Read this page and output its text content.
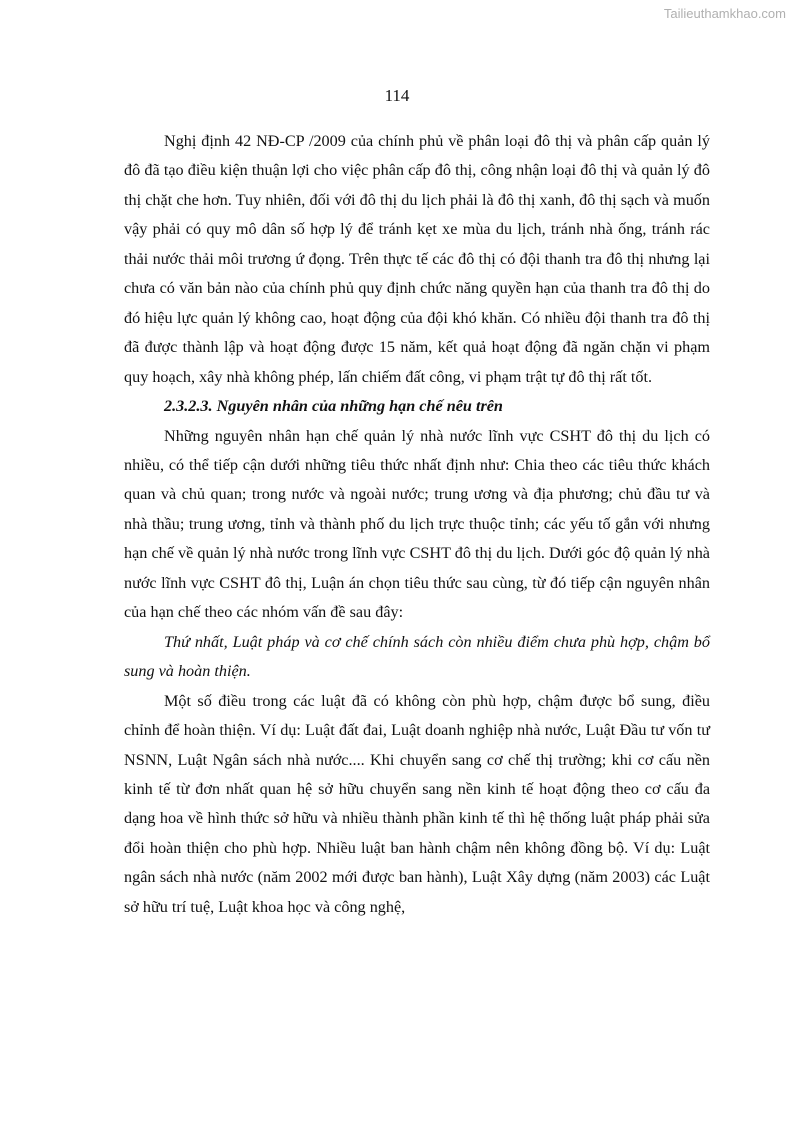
Tailieuthamkhao.com
114

Nghị định 42 NĐ-CP /2009 của chính phủ về phân loại đô thị và phân cấp quản lý đô đã tạo điều kiện thuận lợi cho việc phân cấp đô thị, công nhận loại đô thị và quản lý đô thị chặt che hơn. Tuy nhiên, đối với đô thị du lịch phải là đô thị xanh, đô thị sạch và muốn vậy phải có quy mô dân số hợp lý để tránh kẹt xe mùa du lịch, tránh nhà ống, tránh rác thải nước thải môi trương ứ đọng. Trên thực tế các đô thị có đội thanh tra đô thị nhưng lại chưa có văn bản nào của chính phủ quy định chức năng quyền hạn của thanh tra đô thị do đó hiệu lực quản lý không cao, hoạt động của đội khó khăn. Có nhiều đội thanh tra đô thị đã được thành lập và hoạt động được 15 năm, kết quả hoạt động đã ngăn chặn vi phạm quy hoạch, xây nhà không phép, lấn chiếm đất công, vi phạm trật tự đô thị rất tốt.

2.3.2.3. Nguyên nhân của những hạn chế nêu trên

Những nguyên nhân hạn chế quản lý nhà nước lĩnh vực CSHT đô thị du lịch có nhiều, có thể tiếp cận dưới những tiêu thức nhất định như: Chia theo các tiêu thức khách quan và chủ quan; trong nước và ngoài nước; trung ương và địa phương; chủ đầu tư và nhà thầu; trung ương, tỉnh và thành phố du lịch trực thuộc tỉnh; các yếu tố gắn với nhưng hạn chế về quản lý nhà nước trong lĩnh vực CSHT đô thị du lịch. Dưới góc độ quản lý nhà nước lĩnh vực CSHT đô thị, Luận án chọn tiêu thức sau cùng, từ đó tiếp cận nguyên nhân của hạn chế theo các nhóm vấn đề sau đây:

Thứ nhất, Luật pháp và cơ chế chính sách còn nhiều điểm chưa phù hợp, chậm bổ sung và hoàn thiện.

Một số điều trong các luật đã có không còn phù hợp, chậm được bổ sung, điều chỉnh để hoàn thiện. Ví dụ: Luật đất đai, Luật doanh nghiệp nhà nước, Luật Đầu tư vốn tư NSNN, Luật Ngân sách nhà nước.... Khi chuyển sang cơ chế thị trường; khi cơ cấu nền kinh tế từ đơn nhất quan hệ sở hữu chuyển sang nền kinh tế hoạt động theo cơ cấu đa dạng hoa về hình thức sở hữu và nhiều thành phần kinh tế thì hệ thống luật pháp phải sửa đổi hoàn thiện cho phù hợp. Nhiều luật ban hành chậm nên không đồng bộ. Ví dụ: Luật ngân sách nhà nước (năm 2002 mới được ban hành), Luật Xây dựng (năm 2003) các Luật sở hữu trí tuệ, Luật khoa học và công nghệ,
